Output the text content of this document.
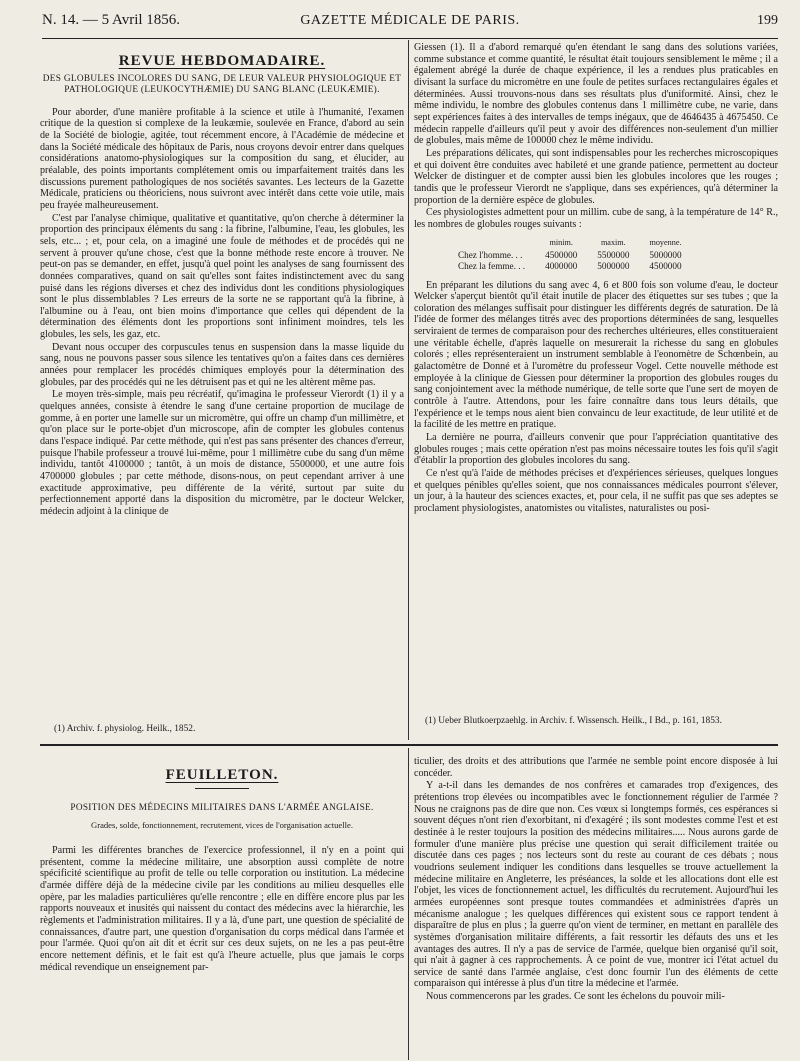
N. 14. — 5 Avril 1856.	GAZETTE MÉDICALE DE PARIS.	199
REVUE HEBDOMADAIRE.
DES GLOBULES INCOLORES DU SANG, DE LEUR VALEUR PHYSIOLOGIQUE ET PATHOLOGIQUE (LEUKOCYTHÆMIE) DU SANG BLANC (LEUKÆMIE).

Pour aborder, d'une manière profitable à la science et utile à l'humanité, l'examen critique de la question si complexe de la leukæmie, soulevée en France, d'abord au sein de la Société de biologie, agitée, tout récemment encore, à l'Académie de médecine et dans la Société médicale des hôpitaux de Paris, nous croyons devoir entrer dans quelques considérations anatomo-physiologiques sur la composition du sang, et élucider, au préalable, des points importants complétement omis ou imparfaitement traités dans les discussions purement pathologiques de nos sociétés savantes. Les lecteurs de la Gazette Médicale, praticiens ou théoriciens, nous suivront avec intérêt dans cette voie utile, mais peu frayée malheureusement.

C'est par l'analyse chimique, qualitative et quantitative, qu'on cherche à déterminer la proportion des principaux éléments du sang : la fibrine, l'albumine, l'eau, les globules, les sels, etc... ; et, pour cela, on a imaginé une foule de méthodes et de procédés qui ne servent à prouver qu'une chose, c'est que la bonne méthode reste encore à trouver. Ne peut-on pas se demander, en effet, jusqu'à quel point les analyses de sang fournissent des données comparatives, quand on sait qu'elles sont faites indistinctement avec du sang puisé dans les régions diverses et chez des individus dont les conditions physiologiques sont le plus dissemblables ? Les erreurs de la sorte ne se rapportant qu'à la fibrine, à l'albumine ou à l'eau, ont bien moins d'importance que celles qui dépendent de la détermination des éléments dont les proportions sont infiniment moindres, tels les globules, les sels, les gaz, etc.

Devant nous occuper des corpuscules tenus en suspension dans la masse liquide du sang, nous ne pouvons passer sous silence les tentatives qu'on a faites dans ces dernières années pour remplacer les procédés chimiques employés pour la détermination des globules, par des procédés qui ne les détruisent pas et qui ne les altèrent même pas.

Le moyen très-simple, mais peu récréatif, qu'imagina le professeur Vierordt (1) il y a quelques années, consiste à étendre le sang d'une certaine proportion de mucilage de gomme, à en porter une lamelle sur un micromètre, qui offre un champ d'un millimètre, et qu'on place sur le porte-objet d'un microscope, afin de compter les globules contenus dans l'espace indiqué. Par cette méthode, qui n'est pas sans présenter des chances d'erreur, puisque l'habile professeur a trouvé lui-même, pour 1 millimètre cube du sang d'un même individu, tantôt 4100000 ; tantôt, à un mois de distance, 5500000, et une autre fois 4700000 globules ; par cette méthode, disons-nous, on peut cependant arriver à une exactitude approximative, peu différente de la vérité, surtout par suite du perfectionnement apporté dans la disposition du micromètre, par le docteur Welcker, médecin adjoint à la clinique de

(1) Archiv. f. physiolog. Heilk., 1852.

Giessen (1). Il a d'abord remarqué qu'en étendant le sang dans des solutions variées, comme substance et comme quantité, le résultat était toujours sensiblement le même ; il a également abrégé la durée de chaque expérience, il les a rendues plus praticables en divisant la surface du micromètre en une foule de petites surfaces rectangulaires égales et déterminées. Aussi trouvons-nous dans ses résultats plus d'uniformité. Ainsi, chez le même individu, le nombre des globules contenus dans 1 millimètre cube, ne varie, dans sept expériences faites à des intervalles de temps inégaux, que de 4646435 à 4675450. Ce médecin rappelle d'ailleurs qu'il peut y avoir des différences non-seulement d'un millier de globules, mais même de 100000 chez le même individu.

Les préparations délicates, qui sont indispensables pour les recherches microscopiques et qui doivent être conduites avec habileté et une grande patience, permettent au docteur Welcker de distinguer et de compter aussi bien les globules incolores que les rouges ; tandis que le professeur Vierordt ne s'applique, dans ses expériences, qu'à déterminer la proportion de la dernière espèce de globules.

Ces physiologistes admettent pour un millim. cube de sang, à la température de 14° R., les nombres de globules rouges suivants :

	minim.	maxim.	moyenne.
Chez l'homme. . .	4500000	5500000	5000000
Chez la femme. . .	4000000	5000000	4500000

En préparant les dilutions du sang avec 4, 6 et 800 fois son volume d'eau, le docteur Welcker s'aperçut bientôt qu'il était inutile de placer des étiquettes sur ses tubes ; que la coloration des mélanges suffisait pour distinguer les différents degrés de saturation. De là l'idée de former des mélanges titrés avec des proportions déterminées de sang, lesquelles serviraient de termes de comparaison pour des recherches ultérieures, elles constitueraient une véritable échelle, d'après laquelle on mesurerait la richesse du sang en globules colorés ; elles représenteraient un instrument semblable à l'eonomètre de Schœnbein, au galactomètre de Donné et à l'uromètre du professeur Vogel. Cette nouvelle méthode est employée à la clinique de Giessen pour déterminer la proportion des globules rouges du sang conjointement avec la méthode numérique, de telle sorte que l'une sert de moyen de contrôle à l'autre. Attendons, pour les faire connaître dans tous leurs détails, que l'expérience et le temps nous aient bien convaincu de leur exactitude, de leur utilité et de la facilité de les mettre en pratique.

La dernière ne pourra, d'ailleurs convenir que pour l'appréciation quantitative des globules rouges ; mais cette opération n'est pas moins nécessaire toutes les fois qu'il s'agit d'établir la proportion des globules incolores du sang.

Ce n'est qu'à l'aide de méthodes précises et d'expériences sérieuses, quelques longues et quelques pénibles qu'elles soient, que nos connaissances médicales pourront s'élever, un jour, à la hauteur des sciences exactes, et, pour cela, il ne suffit pas que ses adeptes se proclament physiologistes, anatomistes ou vitalistes, naturalistes ou posi-

(1) Ueber Blutkoerpzaehlg. in Archiv. f. Wissensch. Heilk., I Bd., p. 161, 1853.
FEUILLETON.
POSITION DES MÉDECINS MILITAIRES DANS L'ARMÉE ANGLAISE.
Grades, solde, fonctionnement, recrutement, vices de l'organisation actuelle.

Parmi les différentes branches de l'exercice professionnel, il n'y en a point qui présentent, comme la médecine militaire, une absorption aussi complète de notre spécificité scientifique au profit de telle ou telle corporation ou institution. La médecine d'armée diffère déjà de la médecine civile par les conditions au milieu desquelles elle opère, par les maladies particulières qu'elle rencontre ; elle en diffère encore plus par les rapports nouveaux et inusités qui naissent du contact des médecins avec la hiérarchie, les règlements et l'administration militaires. Il y a là, d'une part, une question de spécialité de connaissances, d'autre part, une question d'organisation du corps médical dans l'armée et pour l'armée. Quoi qu'on ait dit et écrit sur ces deux sujets, on ne les a pas peut-être encore nettement définis, et le fait est qu'à l'heure actuelle, plus que jamais le corps médical revendique un enseignement par-

ticulier, des droits et des attributions que l'armée ne semble point encore disposée à lui concéder.

Y a-t-il dans les demandes de nos confrères et camarades trop d'exigences, des prétentions trop élevées ou incompatibles avec le fonctionnement régulier de l'armée ? Nous ne craignons pas de dire que non. Ces vœux si longtemps formés, ces espérances si souvent déçues n'ont rien d'exorbitant, ni d'exagéré ; ils sont modestes comme l'est et est destinée à le rester toujours la position des médecins militaires..... Nous aurons garde de formuler d'une manière plus précise une question qui serait difficilement traitée ou discutée dans ces pages ; nos lecteurs sont du reste au courant de ces débats ; nous voudrions seulement indiquer les conditions dans lesquelles se trouve actuellement la médecine militaire en Angleterre, les préséances, la solde et les allocations dont elle est l'objet, les vices de fonctionnement actuel, les difficultés du recrutement. Aujourd'hui les armées européennes sont presque toutes commandées et administrées d'après un mécanisme analogue ; les quelques différences qui existent sous ce rapport tendent à disparaître de plus en plus ; la guerre qu'on vient de terminer, en mettant en parallèle des systèmes d'organisation militaire différents, a fait ressortir les défauts des uns et les avantages des autres. Il n'y a pas de service de l'armée, quelque bien organisé qu'il soit, qui n'ait à gagner à ces rapprochements. À ce point de vue, montrer ici l'état actuel du service de santé dans l'armée anglaise, c'est donc fournir l'un des éléments de cette comparaison qui intéresse à plus d'un titre la médecine et l'armée.

Nous commencerons par les grades. Ce sont les échelons du pouvoir mili-
